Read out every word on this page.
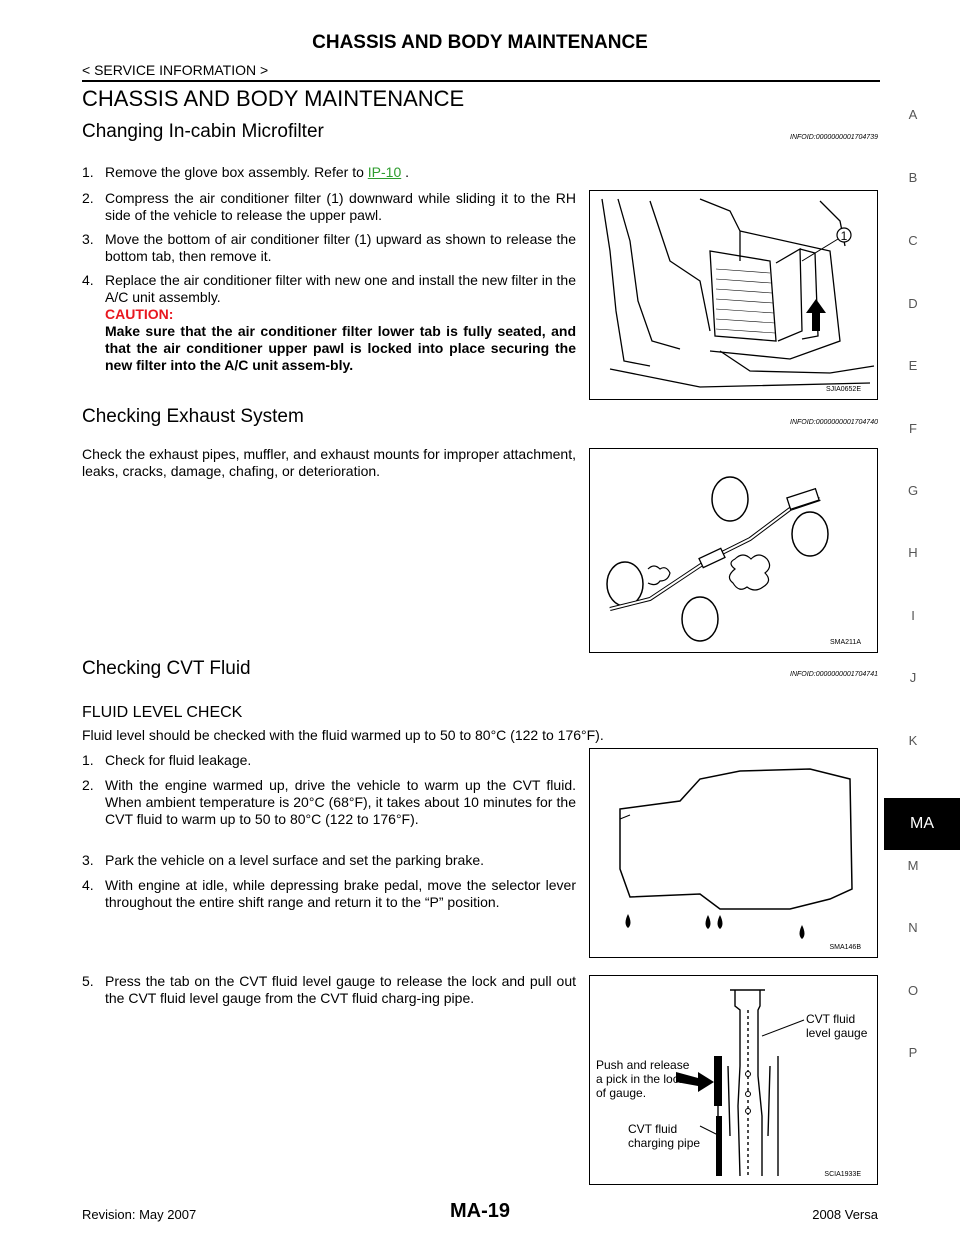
CHASSIS AND BODY MAINTENANCE
< SERVICE INFORMATION >
CHASSIS AND BODY MAINTENANCE
Changing In-cabin Microfilter	INFOID:0000000001704739
1. Remove the glove box assembly. Refer to IP-10 .
2. Compress the air conditioner filter (1) downward while sliding it to the RH side of the vehicle to release the upper pawl.
3. Move the bottom of air conditioner filter (1) upward as shown to release the bottom tab, then remove it.
4. Replace the air conditioner filter with new one and install the new filter in the A/C unit assembly.
CAUTION:
Make sure that the air conditioner filter lower tab is fully seated, and that the air conditioner upper pawl is locked into place securing the new filter into the A/C unit assem-bly.
1
SJIA0652E
Checking Exhaust System	INFOID:0000000001704740
Check the exhaust pipes, muffler, and exhaust mounts for improper attachment, leaks, cracks, damage, chafing, or deterioration.
SMA211A
Checking CVT Fluid	INFOID:0000000001704741
FLUID LEVEL CHECK
Fluid level should be checked with the fluid warmed up to 50 to 80°C (122 to 176°F).
1. Check for fluid leakage.
2. With the engine warmed up, drive the vehicle to warm up the CVT fluid. When ambient temperature is 20°C (68°F), it takes about 10 minutes for the CVT fluid to warm up to 50 to 80°C (122 to 176°F).
3. Park the vehicle on a level surface and set the parking brake.
4. With engine at idle, while depressing brake pedal, move the selector lever throughout the entire shift range and return it to the “P” position.
SMA146B
5. Press the tab on the CVT fluid level gauge to release the lock and pull out the CVT fluid level gauge from the CVT fluid charg-ing pipe.
CVT fluid
level gauge
Push and release
a pick in the lock
of gauge.
CVT fluid
charging pipe
SCIA1933E
A
B
C
D
E
F
G
H
I
J
K
MA
M
N
O
P
Revision: May 2007	MA-19	2008 Versa
